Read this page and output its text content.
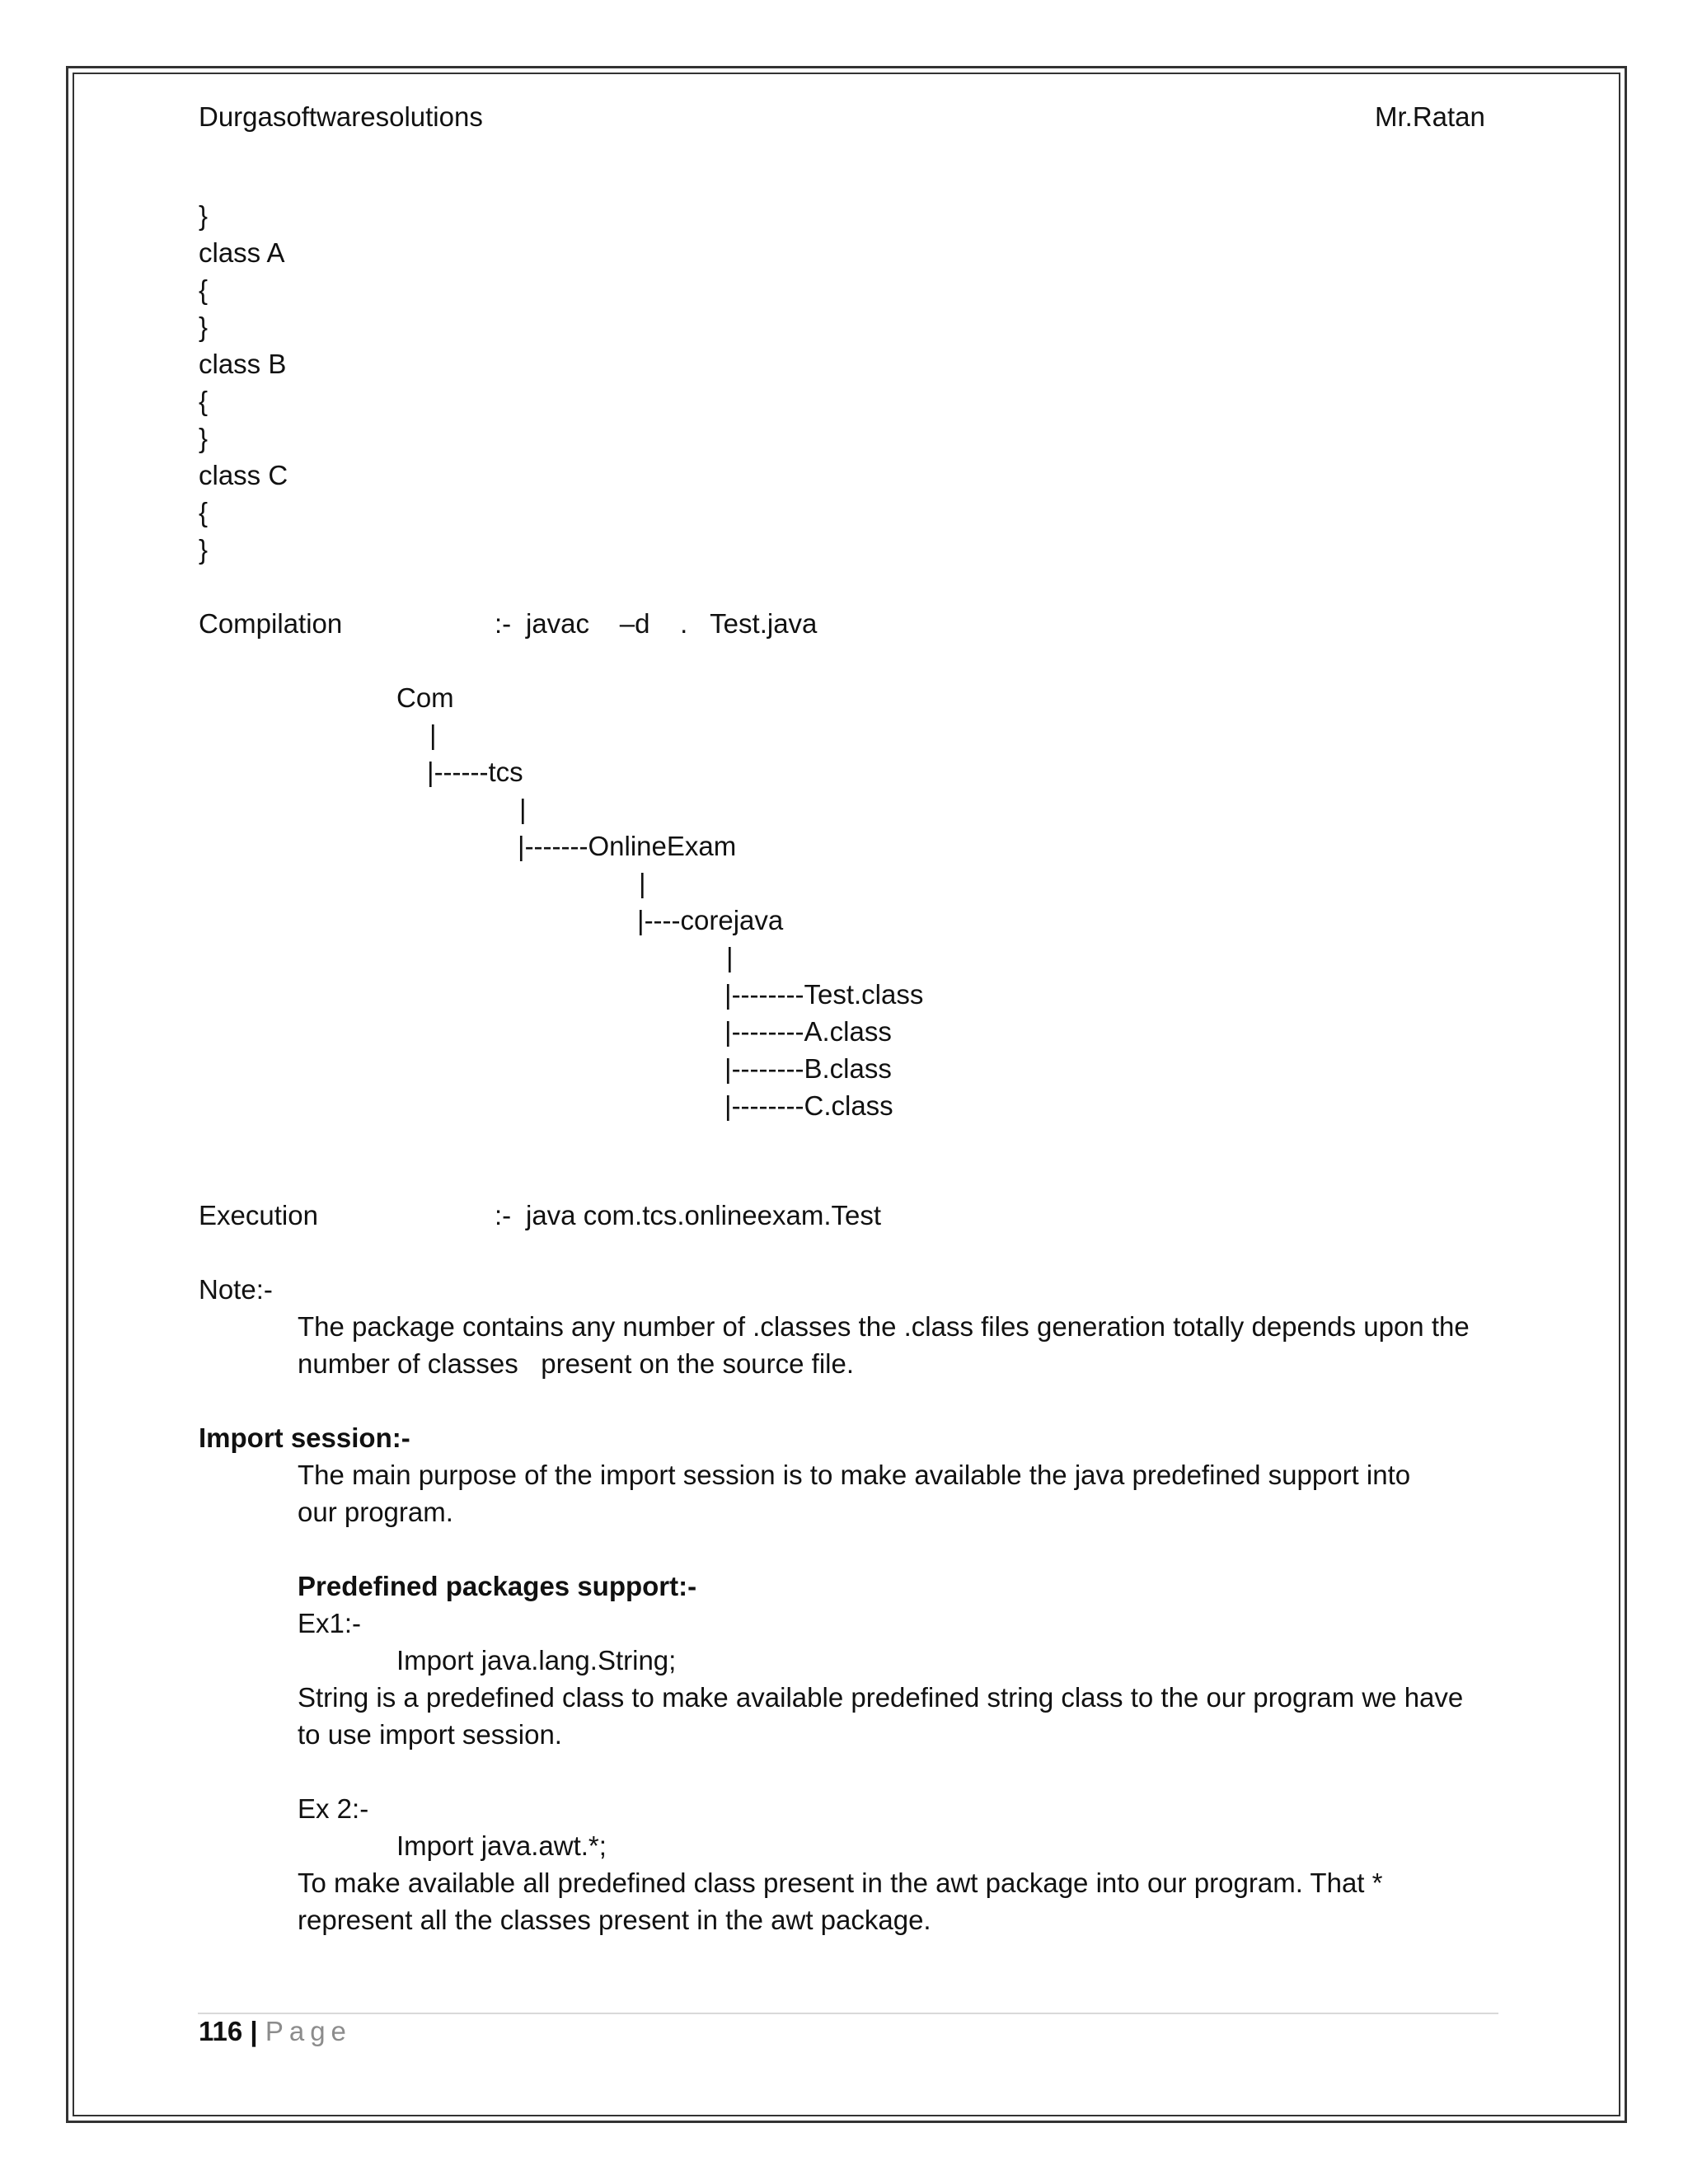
Durgasoftwaresolutions	Mr.Ratan
}
class A
{
}
class B
{
}
class C
{
}
Compilation	:- javac    –d    .   Test.java
Com
|
|------tcs
|
|-------OnlineExam
|
|----corejava
|
|--------Test.class
|--------A.class
|--------B.class
|--------C.class
Execution	:- java com.tcs.onlineexam.Test
Note:-
The package contains any number of .classes the .class files generation totally depends upon the
number of classes   present on the source file.
Import session:-
The main purpose of the import session is to make available the java predefined support into
our program.
Predefined packages support:-
Ex1:-
Import java.lang.String;
String is a predefined class to make available predefined string class to the our program we have
to use import session.
Ex 2:-
Import java.awt.*;
To make available all predefined class present in the awt package into our program. That *
represent all the classes present in the awt package.
116 | Page
